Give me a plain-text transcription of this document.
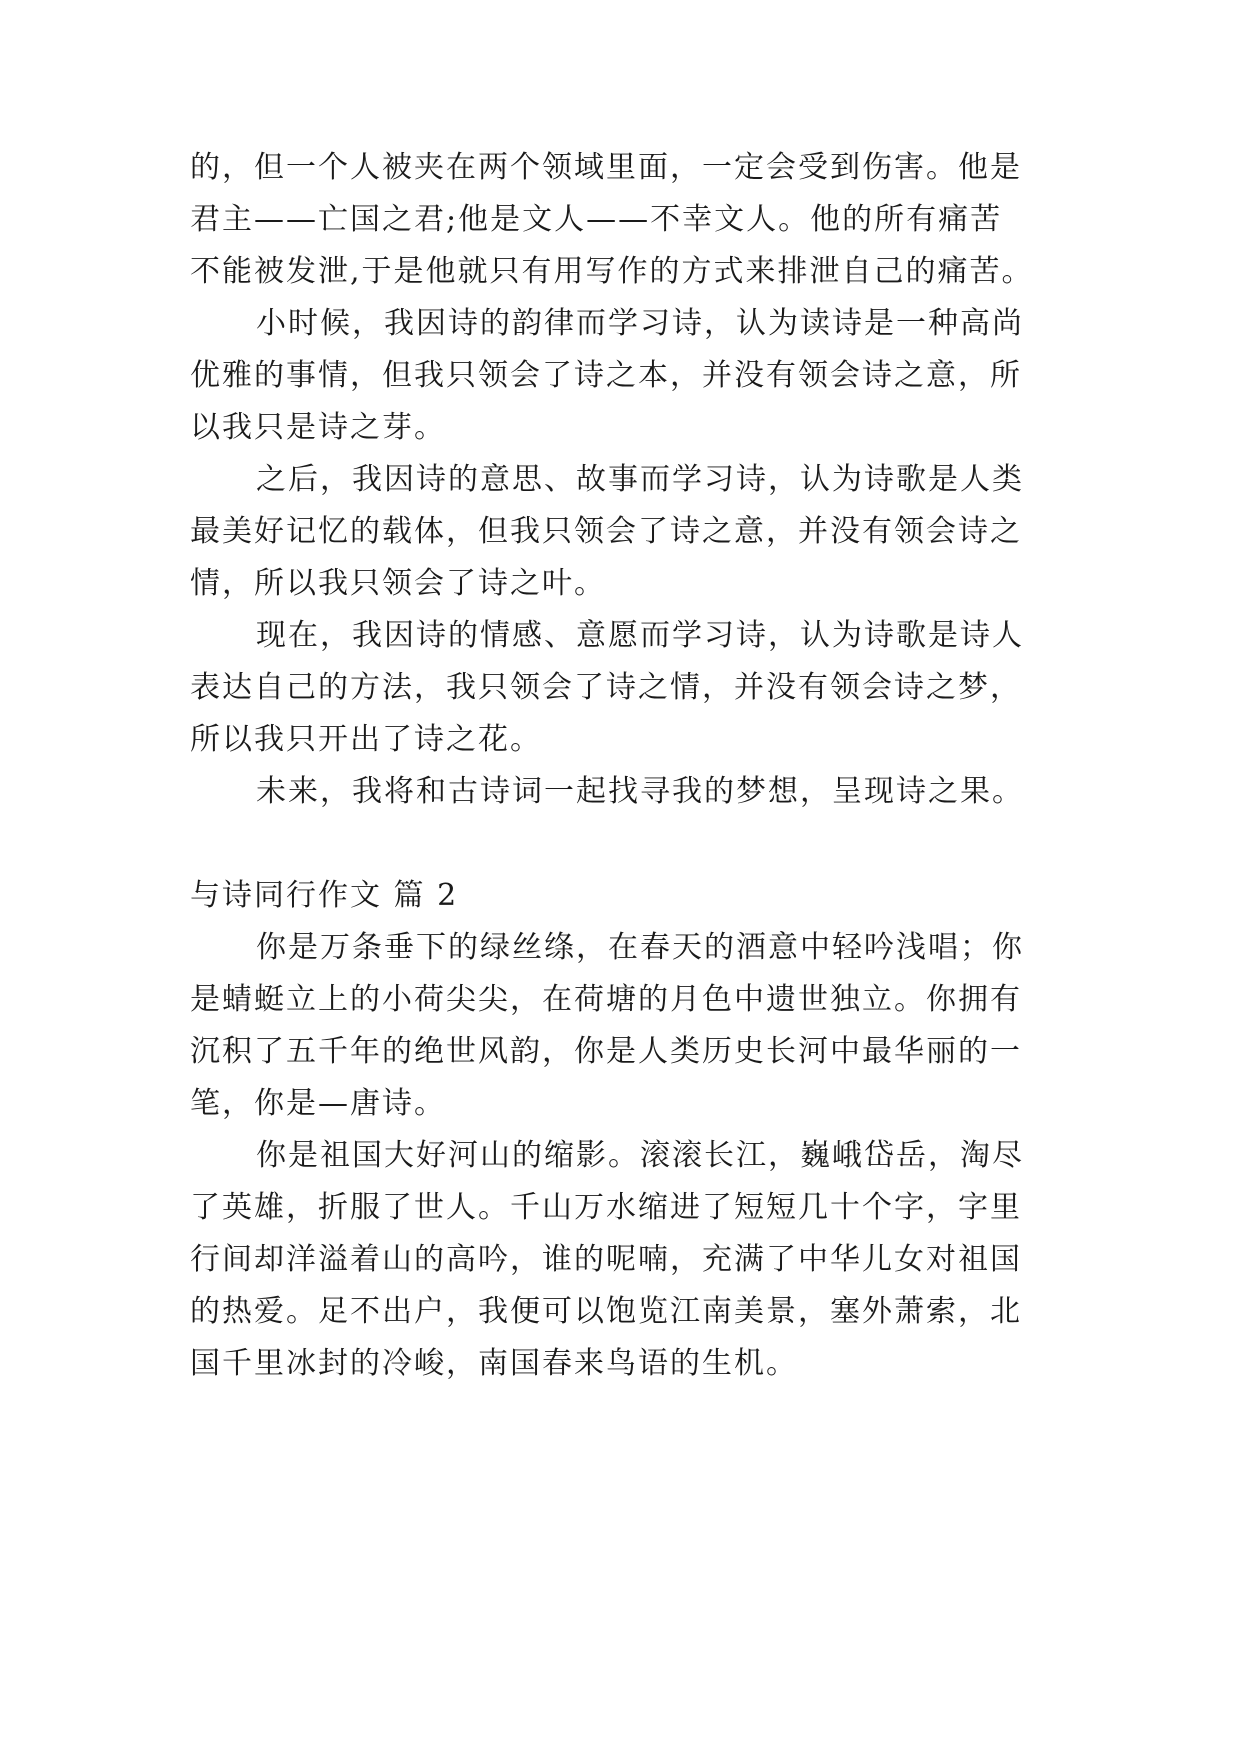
的，但一个人被夹在两个领域里面，一定会受到伤害。他是
君主——亡国之君;他是文人——不幸文人。他的所有痛苦
不能被发泄,于是他就只有用写作的方式来排泄自己的痛苦。
小时候，我因诗的韵律而学习诗，认为读诗是一种高尚
优雅的事情，但我只领会了诗之本，并没有领会诗之意，所
以我只是诗之芽。
之后，我因诗的意思、故事而学习诗，认为诗歌是人类
最美好记忆的载体，但我只领会了诗之意，并没有领会诗之
情，所以我只领会了诗之叶。
现在，我因诗的情感、意愿而学习诗，认为诗歌是诗人
表达自己的方法，我只领会了诗之情，并没有领会诗之梦，
所以我只开出了诗之花。
未来，我将和古诗词一起找寻我的梦想，呈现诗之果。
与诗同行作文 篇 2
你是万条垂下的绿丝绦，在春天的酒意中轻吟浅唱；你
是蜻蜓立上的小荷尖尖，在荷塘的月色中遗世独立。你拥有
沉积了五千年的绝世风韵，你是人类历史长河中最华丽的一
笔，你是—唐诗。
你是祖国大好河山的缩影。滚滚长江，巍峨岱岳，淘尽
了英雄，折服了世人。千山万水缩进了短短几十个字，字里
行间却洋溢着山的高吟，谁的呢喃，充满了中华儿女对祖国
的热爱。足不出户，我便可以饱览江南美景，塞外萧索，北
国千里冰封的冷峻，南国春来鸟语的生机。
